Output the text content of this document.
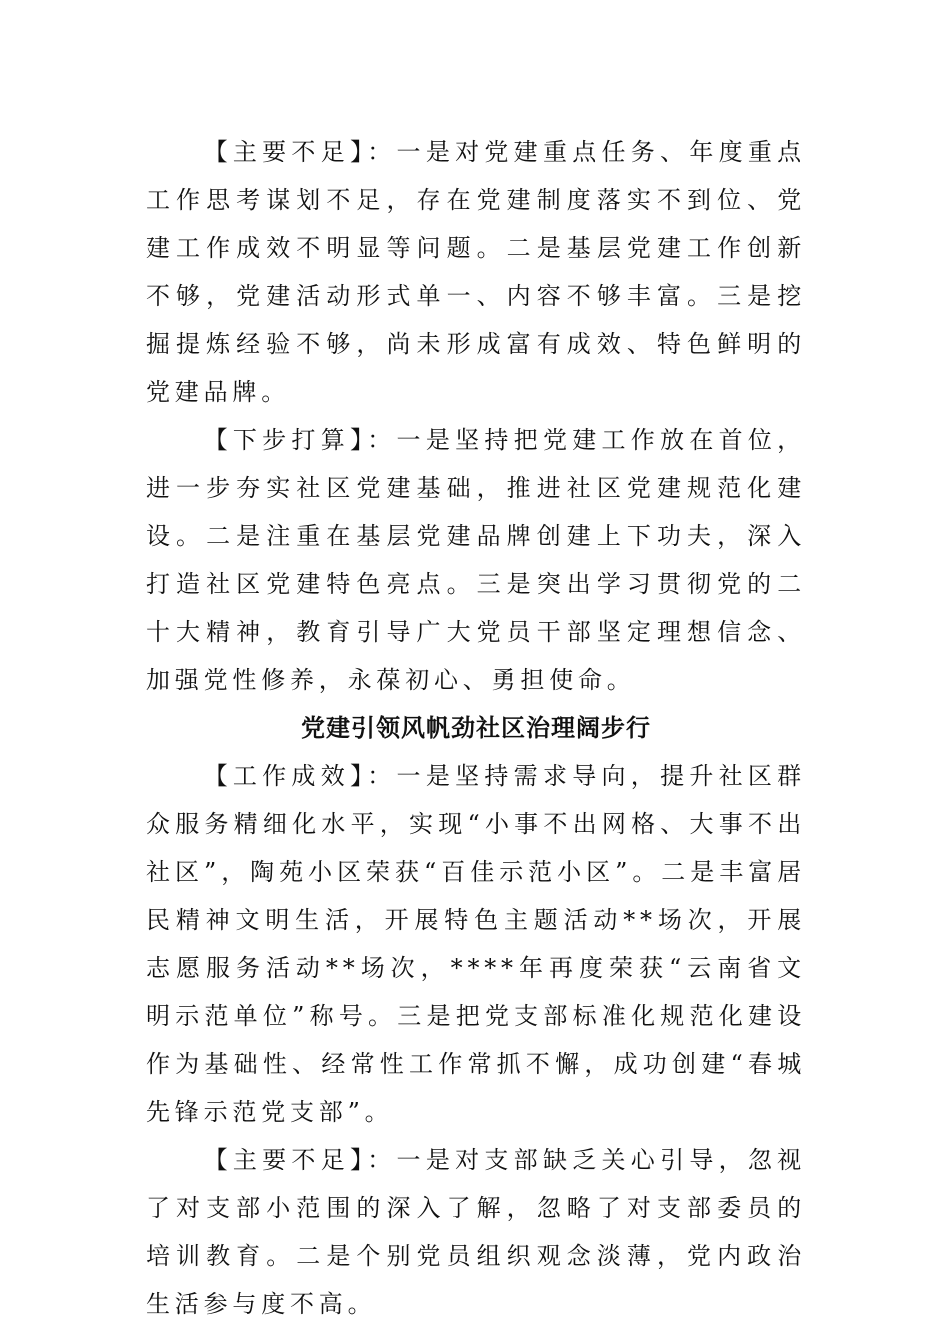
【主要不足】：一是对党建重点任务、年度重点工作思考谋划不足，存在党建制度落实不到位、党建工作成效不明显等问题。二是基层党建工作创新不够，党建活动形式单一、内容不够丰富。三是挖掘提炼经验不够，尚未形成富有成效、特色鲜明的党建品牌。

【下步打算】：一是坚持把党建工作放在首位，进一步夯实社区党建基础，推进社区党建规范化建设。二是注重在基层党建品牌创建上下功夫，深入打造社区党建特色亮点。三是突出学习贯彻党的二十大精神，教育引导广大党员干部坚定理想信念、加强党性修养，永葆初心、勇担使命。

党建引领风帆劲社区治理阔步行

【工作成效】：一是坚持需求导向，提升社区群众服务精细化水平，实现“小事不出网格、大事不出社区”，陶苑小区荣获“百佳示范小区”。二是丰富居民精神文明生活，开展特色主题活动**场次，开展志愿服务活动**场次，****年再度荣获“云南省文明示范单位”称号。三是把党支部标准化规范化建设作为基础性、经常性工作常抓不懈，成功创建“春城先锋示范党支部”。

【主要不足】：一是对支部缺乏关心引导，忽视了对支部小范围的深入了解，忽略了对支部委员的培训教育。二是个别党员组织观念淡薄，党内政治生活参与度不高。
